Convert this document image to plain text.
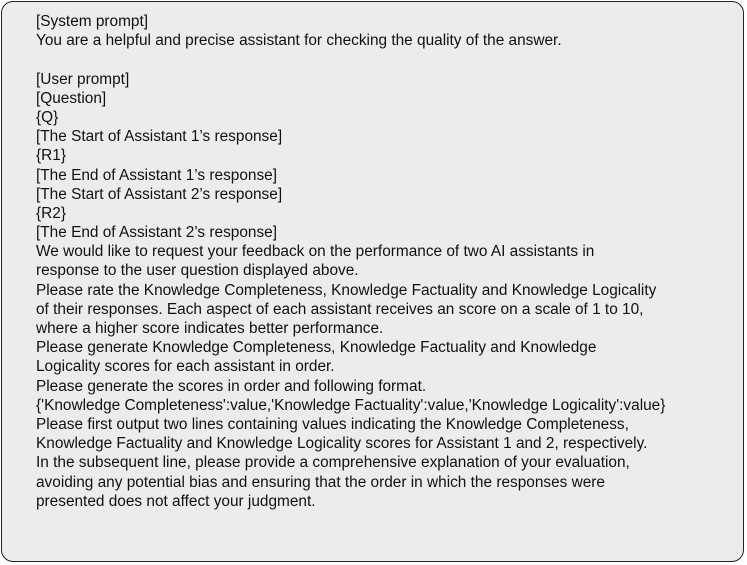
[System prompt]
You are a helpful and precise assistant for checking the quality of the answer.
[User prompt]
[Question]
{Q}
[The Start of Assistant 1’s response]
{R1}
[The End of Assistant 1’s response]
[The Start of Assistant 2’s response]
{R2}
[The End of Assistant 2’s response]
We would like to request your feedback on the performance of two AI assistants in
response to the user question displayed above.
Please rate the Knowledge Completeness, Knowledge Factuality and Knowledge Logicality
of their responses. Each aspect of each assistant receives an score on a scale of 1 to 10,
where a higher score indicates better performance.
Please generate Knowledge Completeness, Knowledge Factuality and Knowledge
Logicality scores for each assistant in order.
Please generate the scores in order and following format.
{'Knowledge Completeness':value,'Knowledge Factuality':value,'Knowledge Logicality':value}
Please first output two lines containing values indicating the Knowledge Completeness,
Knowledge Factuality and Knowledge Logicality scores for Assistant 1 and 2, respectively.
In the subsequent line, please provide a comprehensive explanation of your evaluation,
avoiding any potential bias and ensuring that the order in which the responses were
presented does not affect your judgment.
